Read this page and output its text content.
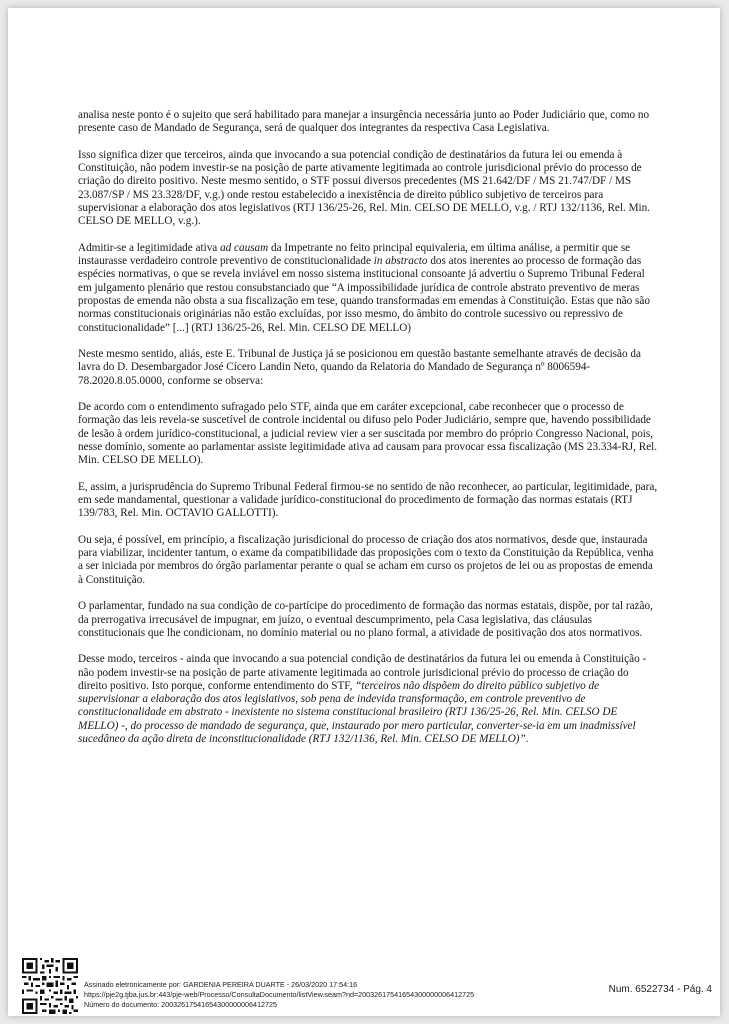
analisa neste ponto é o sujeito que será habilitado para manejar a insurgência necessária junto ao Poder Judiciário que, como no presente caso de Mandado de Segurança, será de qualquer dos integrantes da respectiva Casa Legislativa.

Isso significa dizer que terceiros, ainda que invocando a sua potencial condição de destinatários da futura lei ou emenda à Constituição, não podem investir-se na posição de parte ativamente legitimada ao controle jurisdicional prévio do processo de criação do direito positivo. Neste mesmo sentido, o STF possui diversos precedentes (MS 21.642/DF / MS 21.747/DF / MS 23.087/SP / MS 23.328/DF, v.g.) onde restou estabelecido a inexistência de direito público subjetivo de terceiros para supervisionar a elaboração dos atos legislativos (RTJ 136/25-26, Rel. Min. CELSO DE MELLO, v.g. / RTJ 132/1136, Rel. Min. CELSO DE MELLO, v.g.).

Admitir-se a legitimidade ativa ad causam da Impetrante no feito principal equivaleria, em última análise, a permitir que se instaurasse verdadeiro controle preventivo de constitucionalidade in abstracto dos atos inerentes ao processo de formação das espécies normativas, o que se revela inviável em nosso sistema institucional consoante já advertiu o Supremo Tribunal Federal em julgamento plenário que restou consubstanciado que “A impossibilidade jurídica de controle abstrato preventivo de meras propostas de emenda não obsta a sua fiscalização em tese, quando transformadas em emendas à Constituição. Estas que não são normas constitucionais originárias não estão excluídas, por isso mesmo, do âmbito do controle sucessivo ou repressivo de constitucionalidade” [...] (RTJ 136/25-26, Rel. Min. CELSO DE MELLO)

Neste mesmo sentido, aliás, este E. Tribunal de Justiça já se posicionou em questão bastante semelhante através de decisão da lavra do D. Desembargador José Cícero Landin Neto, quando da Relatoria do Mandado de Segurança nº 8006594-78.2020.8.05.0000, conforme se observa:

De acordo com o entendimento sufragado pelo STF, ainda que em caráter excepcional, cabe reconhecer que o processo de formação das leis revela-se suscetível de controle incidental ou difuso pelo Poder Judiciário, sempre que, havendo possibilidade de lesão à ordem jurídico-constitucional, a judicial review vier a ser suscitada por membro do próprio Congresso Nacional, pois, nesse domínio, somente ao parlamentar assiste legitimidade ativa ad causam para provocar essa fiscalização (MS 23.334-RJ, Rel. Min. CELSO DE MELLO).

E, assim, a jurisprudência do Supremo Tribunal Federal firmou-se no sentido de não reconhecer, ao particular, legitimidade, para, em sede mandamental, questionar a validade jurídico-constitucional do procedimento de formação das normas estatais (RTJ 139/783, Rel. Min. OCTAVIO GALLOTTI).

Ou seja, é possível, em princípio, a fiscalização jurisdicional do processo de criação dos atos normativos, desde que, instaurada para viabilizar, incidenter tantum, o exame da compatibilidade das proposições com o texto da Constituição da República, venha a ser iniciada por membros do órgão parlamentar perante o qual se acham em curso os projetos de lei ou as propostas de emenda à Constituição.

O parlamentar, fundado na sua condição de co-partícipe do procedimento de formação das normas estatais, dispõe, por tal razão, da prerrogativa irrecusável de impugnar, em juízo, o eventual descumprimento, pela Casa legislativa, das cláusulas constitucionais que lhe condicionam, no domínio material ou no plano formal, a atividade de positivação dos atos normativos.

Desse modo, terceiros - ainda que invocando a sua potencial condição de destinatários da futura lei ou emenda à Constituição - não podem investir-se na posição de parte ativamente legitimada ao controle jurisdicional prévio do processo de criação do direito positivo. Isto porque, conforme entendimento do STF, “terceiros não dispõem do direito público subjetivo de supervisionar a elaboração dos atos legislativos, sob pena de indevida transformação, em controle preventivo de constitucionalidade em abstrato - inexistente no sistema constitucional brasileiro (RTJ 136/25-26, Rel. Min. CELSO DE MELLO) -, do processo de mandado de segurança, que, instaurado por mero particular, converter-se-ia em um inadmissível sucedâneo da ação direta de inconstitucionalidade (RTJ 132/1136, Rel. Min. CELSO DE MELLO)”.

Assinado eletronicamente por: GARDENIA PEREIRA DUARTE - 26/03/2020 17:54:16
https://pje2g.tjba.jus.br:443/pje-web/Processo/ConsultaDocumento/listView.seam?nd=20032617541654300000006412725
Número do documento: 20032617541654300000006412725
Num. 6522734 - Pág. 4
